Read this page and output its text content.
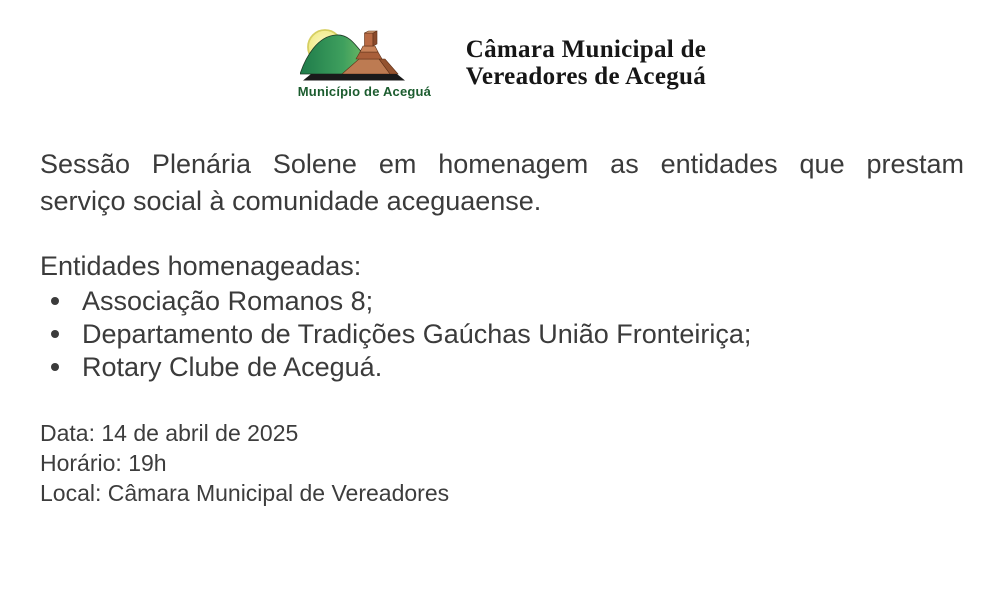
Município de Aceguá
Câmara Municipal de
Vereadores de Aceguá
Sessão Plenária Solene em homenagem as entidades que prestam
serviço social à comunidade aceguaense.
Entidades homenageadas:
Associação Romanos 8;
Departamento de Tradições Gaúchas União Fronteiriça;
Rotary Clube de Aceguá.
Data: 14 de abril de 2025
Horário: 19h
Local: Câmara Municipal de Vereadores
